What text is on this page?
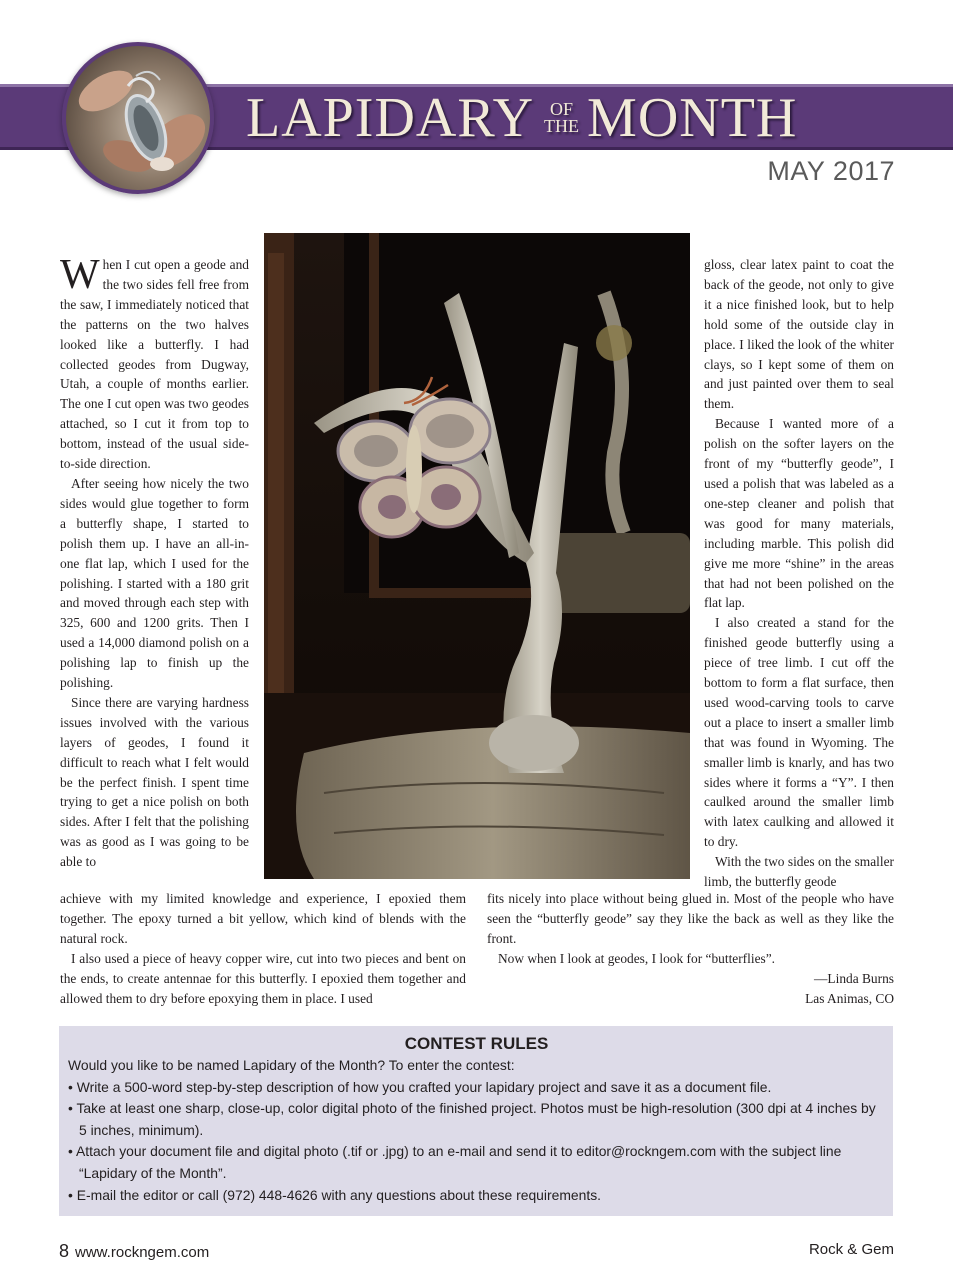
LAPIDARY OF
THE MONTH
MAY 2017

When I cut open a geode and the two sides fell free from the saw, I immediately noticed that the patterns on the two halves looked like a butterfly. I had collected geodes from Dugway, Utah, a couple of months earlier. The one I cut open was two geodes attached, so I cut it from top to bottom, instead of the usual side-to-side direction.

After seeing how nicely the two sides would glue together to form a butterfly shape, I started to polish them up. I have an all-in-one flat lap, which I used for the polishing. I started with a 180 grit and moved through each step with 325, 600 and 1200 grits. Then I used a 14,000 diamond polish on a polishing lap to finish up the polishing.

Since there are varying hardness issues involved with the various layers of geodes, I found it difficult to reach what I felt would be the perfect finish. I spent time trying to get a nice polish on both sides. After I felt that the polishing was as good as I was going to be able to

achieve with my limited knowledge and experience, I epoxied them together. The epoxy turned a bit yellow, which kind of blends with the natural rock.

I also used a piece of heavy copper wire, cut into two pieces and bent on the ends, to create antennae for this butterfly. I epoxied them together and allowed them to dry before epoxying them in place. I used

gloss, clear latex paint to coat the back of the geode, not only to give it a nice finished look, but to help hold some of the outside clay in place. I liked the look of the whiter clays, so I kept some of them on and just painted over them to seal them.

Because I wanted more of a polish on the softer layers on the front of my “butterfly geode”, I used a polish that was labeled as a one-step cleaner and polish that was good for many materials, including marble. This polish did give me more “shine” in the areas that had not been polished on the flat lap.

I also created a stand for the finished geode butterfly using a piece of tree limb. I cut off the bottom to form a flat surface, then used wood-carving tools to carve out a place to insert a smaller limb that was found in Wyoming. The smaller limb is knarly, and has two sides where it forms a “Y”. I then caulked around the smaller limb with latex caulking and allowed it to dry.

With the two sides on the smaller limb, the butterfly geode

fits nicely into place without being glued in. Most of the people who have seen the “butterfly geode” say they like the back as well as they like the front.

Now when I look at geodes, I look for “butterflies”.

—Linda Burns

Las Animas, CO

CONTEST RULES
Would you like to be named Lapidary of the Month? To enter the contest:
• Write a 500-word step-by-step description of how you crafted your lapidary project and save it as a document file.
• Take at least one sharp, close-up, color digital photo of the finished project. Photos must be high-resolution (300 dpi at 4 inches by 5 inches, minimum).
• Attach your document file and digital photo (.tif or .jpg) to an e-mail and send it to editor@rockngem.com with the subject line “Lapidary of the Month”.
• E-mail the editor or call (972) 448-4626 with any questions about these requirements.
8 www.rockngem.com	Rock & Gem
